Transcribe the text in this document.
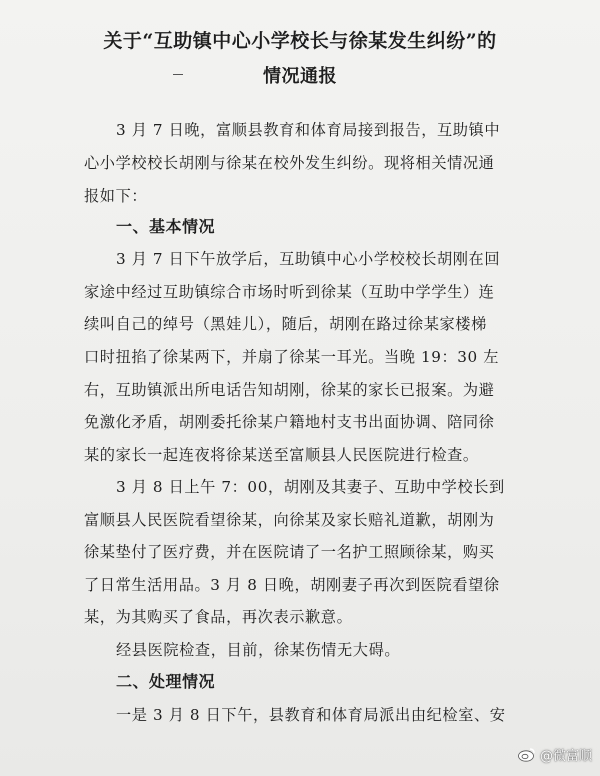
关于“互助镇中心小学校长与徐某发生纠纷”的
情况通报
3 月 7 日晚，富顺县教育和体育局接到报告，互助镇中
心小学校校长胡刚与徐某在校外发生纠纷。现将相关情况通
报如下：
一、基本情况
3 月 7 日下午放学后，互助镇中心小学校校长胡刚在回
家途中经过互助镇综合市场时听到徐某（互助中学学生）连
续叫自己的绰号（黑娃儿），随后，胡刚在路过徐某家楼梯
口时扭掐了徐某两下，并扇了徐某一耳光。当晚 19：30 左
右，互助镇派出所电话告知胡刚，徐某的家长已报案。为避
免激化矛盾，胡刚委托徐某户籍地村支书出面协调、陪同徐
某的家长一起连夜将徐某送至富顺县人民医院进行检查。
3 月 8 日上午 7：00，胡刚及其妻子、互助中学校长到
富顺县人民医院看望徐某，向徐某及家长赔礼道歉，胡刚为
徐某垫付了医疗费，并在医院请了一名护工照顾徐某，购买
了日常生活用品。3 月 8 日晚，胡刚妻子再次到医院看望徐
某，为其购买了食品，再次表示歉意。
经县医院检查，目前，徐某伤情无大碍。
二、处理情况
一是 3 月 8 日下午，县教育和体育局派出由纪检室、安
@微富顺
